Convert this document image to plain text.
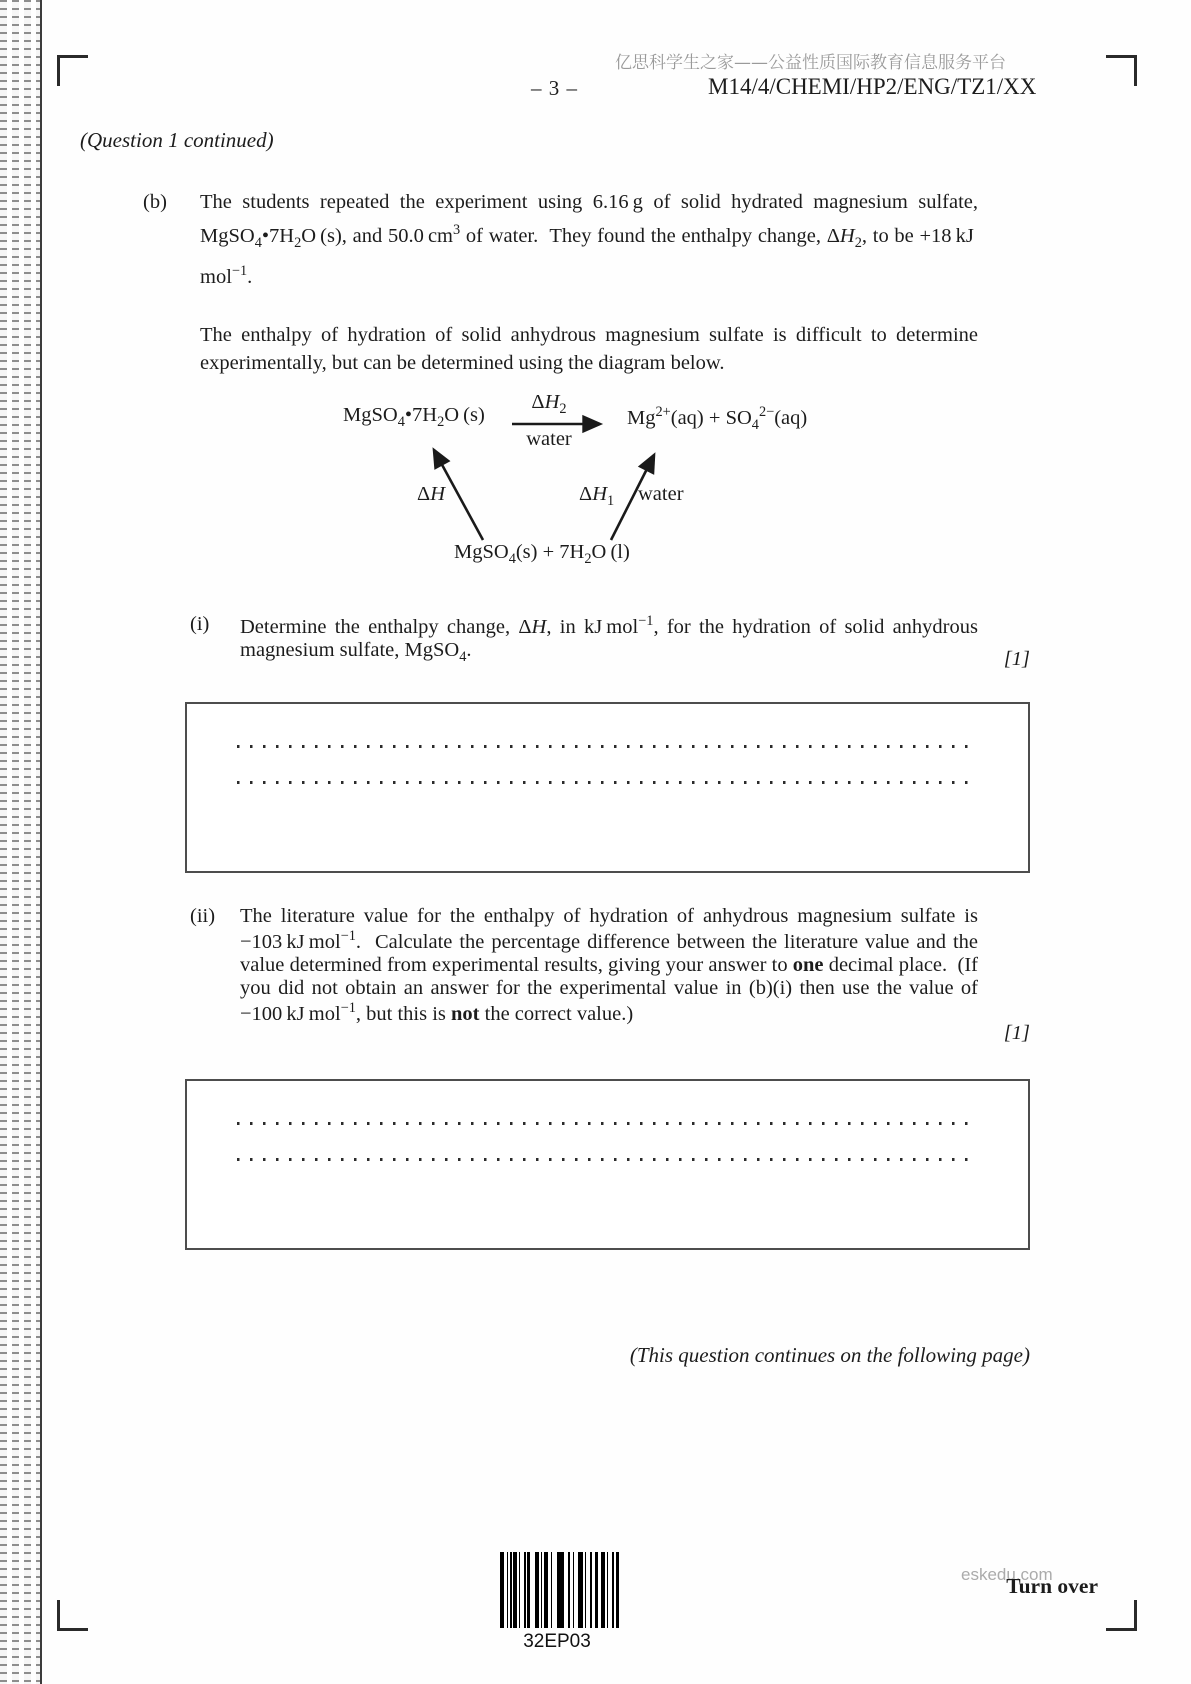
亿思科学生之家——公益性质国际教育信息服务平台
– 3 –	M14/4/CHEMI/HP2/ENG/TZ1/XX
(Question 1 continued)
(b) The students repeated the experiment using 6.16 g of solid hydrated magnesium sulfate, $MgSO_4•7H_2O$ (s), and 50.0 $cm^3$ of water.  They found the enthalpy change, $\Delta H_2$, to be +18 kJ mol$^{-1}$.

The enthalpy of hydration of solid anhydrous magnesium sulfate is difficult to determine experimentally, but can be determined using the diagram below.

$MgSO_4•7H_2O$ (s)
$\Delta H_2$
water
$Mg^{2+}(aq) + SO_4^{2-}(aq)$
ΔH	$\Delta H_1$ water
MgSO$_4$(s) + $7H_2O$ (l)
(i) Determine the enthalpy change, ΔH, in kJ mol$^{-1}$, for the hydration of solid anhydrous magnesium sulfate, MgSO$_4$.	[1]
(ii) The literature value for the enthalpy of hydration of anhydrous magnesium sulfate is −103 kJ mol$^{-1}$.  Calculate the percentage difference between the literature value and the value determined from experimental results, giving your answer to one decimal place.  (If you did not obtain an answer for the experimental value in (b)(i) then use the value of −100 kJ mol$^{-1}$, but this is not the correct value.)
[1]
(This question continues on the following page)
32EP03
eskedu.com
Turn over
